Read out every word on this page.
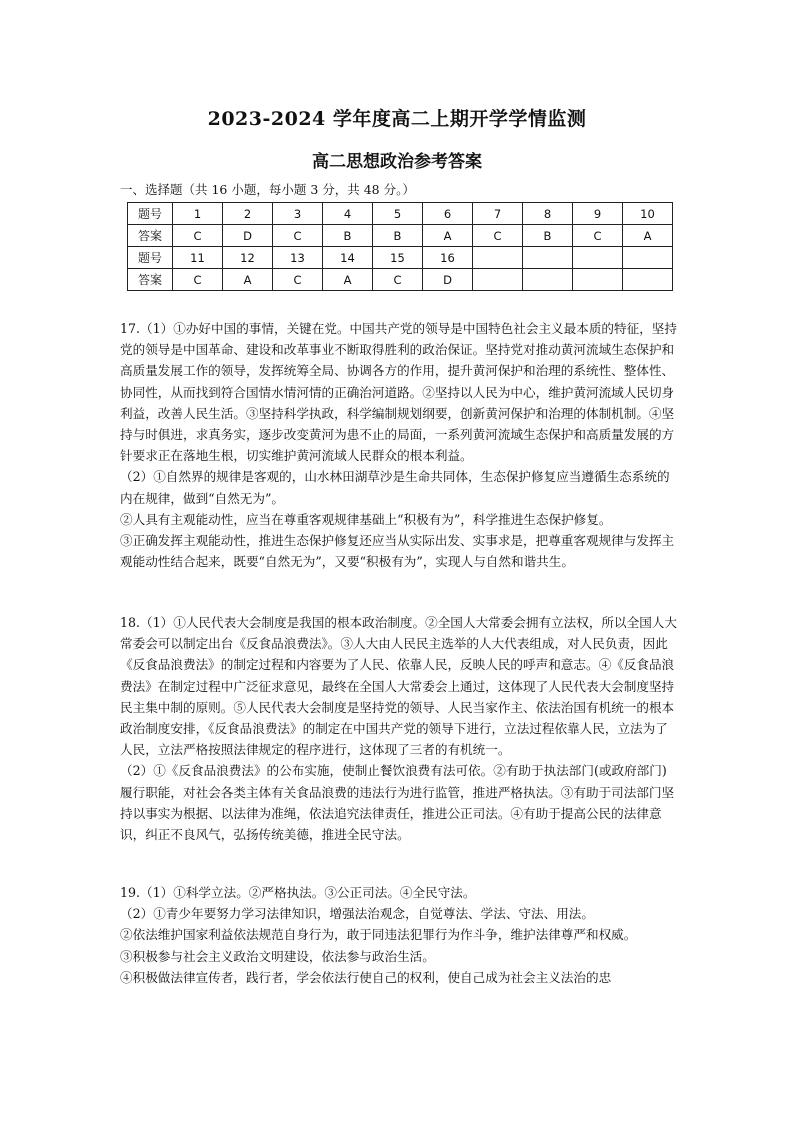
2023-2024 学年度高二上期开学学情监测
高二思想政治参考答案
一、选择题（共 16 小题，每小题 3 分，共 48 分。）
题号	1	2	3	4	5	6	7	8	9	10
答案	C	D	C	B	B	A	C	B	C	A
题号	11	12	13	14	15	16				
答案	C	A	C	A	C	D				

17.（1）①办好中国的事情，关键在党。中国共产党的领导是中国特色社会主义最本质的特征，坚持党的领导是中国革命、建设和改革事业不断取得胜利的政治保证。坚持党对推动黄河流域生态保护和高质量发展工作的领导，发挥统筹全局、协调各方的作用，提升黄河保护和治理的系统性、整体性、协同性，从而找到符合国情水情河情的正确治河道路。②坚持以人民为中心，维护黄河流域人民切身利益，改善人民生活。③坚持科学执政，科学编制规划纲要，创新黄河保护和治理的体制机制。④坚持与时俱进，求真务实，逐步改变黄河为患不止的局面，一系列黄河流域生态保护和高质量发展的方针要求正在落地生根，切实维护黄河流域人民群众的根本利益。

（2）①自然界的规律是客观的，山水林田湖草沙是生命共同体，生态保护修复应当遵循生态系统的内在规律，做到“自然无为”。

②人具有主观能动性，应当在尊重客观规律基础上“积极有为”，科学推进生态保护修复。

③正确发挥主观能动性，推进生态保护修复还应当从实际出发、实事求是，把尊重客观规律与发挥主观能动性结合起来，既要“自然无为”，又要“积极有为”，实现人与自然和谐共生。

18.（1）①人民代表大会制度是我国的根本政治制度。②全国人大常委会拥有立法权，所以全国人大常委会可以制定出台《反食品浪费法》。③人大由人民民主选举的人大代表组成，对人民负责，因此《反食品浪费法》的制定过程和内容要为了人民、依靠人民，反映人民的呼声和意志。④《反食品浪费法》在制定过程中广泛征求意见，最终在全国人大常委会上通过，这体现了人民代表大会制度坚持民主集中制的原则。⑤人民代表大会制度是坚持党的领导、人民当家作主、依法治国有机统一的根本政治制度安排，《反食品浪费法》的制定在中国共产党的领导下进行，立法过程依靠人民，立法为了人民，立法严格按照法律规定的程序进行，这体现了三者的有机统一。

（2）①《反食品浪费法》的公布实施，使制止餐饮浪费有法可依。②有助于执法部门(或政府部门)履行职能，对社会各类主体有关食品浪费的违法行为进行监管，推进严格执法。③有助于司法部门坚持以事实为根据、以法律为准绳，依法追究法律责任，推进公正司法。④有助于提高公民的法律意识，纠正不良风气，弘扬传统美德，推进全民守法。

19.（1）①科学立法。②严格执法。③公正司法。④全民守法。

（2）①青少年要努力学习法律知识，增强法治观念，自觉尊法、学法、守法、用法。

②依法维护国家利益依法规范自身行为，敢于同违法犯罪行为作斗争，维护法律尊严和权威。

③积极参与社会主义政治文明建设，依法参与政治生活。

④积极做法律宣传者，践行者，学会依法行使自己的权利，使自己成为社会主义法治的忠
